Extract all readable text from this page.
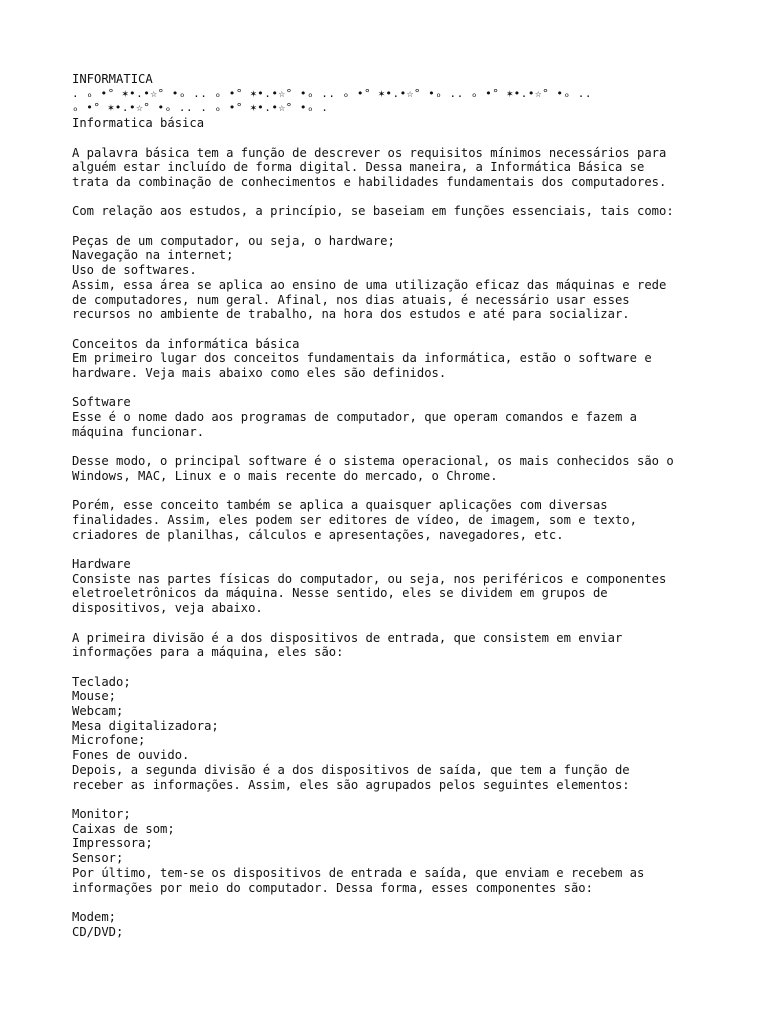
INFORMATICA
. ₒ •° ✶•.•☆° •ₒ .. ₒ •° ✶•.•☆° •ₒ .. ₒ •° ✶•.•☆° •ₒ .. ₒ •° ✶•.•☆° •ₒ ..
ₒ •° ✶•.•☆° •ₒ .. . ₒ •° ✶•.•☆° •ₒ .
Informatica básica
A palavra básica tem a função de descrever os requisitos mínimos necessários para
alguém estar incluído de forma digital. Dessa maneira, a Informática Básica se
trata da combinação de conhecimentos e habilidades fundamentais dos computadores.
Com relação aos estudos, a princípio, se baseiam em funções essenciais, tais como:
Peças de um computador, ou seja, o hardware;
Navegação na internet;
Uso de softwares.
Assim, essa área se aplica ao ensino de uma utilização eficaz das máquinas e rede
de computadores, num geral. Afinal, nos dias atuais, é necessário usar esses
recursos no ambiente de trabalho, na hora dos estudos e até para socializar.
Conceitos da informática básica
Em primeiro lugar dos conceitos fundamentais da informática, estão o software e
hardware. Veja mais abaixo como eles são definidos.
Software
Esse é o nome dado aos programas de computador, que operam comandos e fazem a
máquina funcionar.
Desse modo, o principal software é o sistema operacional, os mais conhecidos são o
Windows, MAC, Linux e o mais recente do mercado, o Chrome.
Porém, esse conceito também se aplica a quaisquer aplicações com diversas
finalidades. Assim, eles podem ser editores de vídeo, de imagem, som e texto,
criadores de planilhas, cálculos e apresentações, navegadores, etc.
Hardware
Consiste nas partes físicas do computador, ou seja, nos periféricos e componentes
eletroeletrônicos da máquina. Nesse sentido, eles se dividem em grupos de
dispositivos, veja abaixo.
A primeira divisão é a dos dispositivos de entrada, que consistem em enviar
informações para a máquina, eles são:
Teclado;
Mouse;
Webcam;
Mesa digitalizadora;
Microfone;
Fones de ouvido.
Depois, a segunda divisão é a dos dispositivos de saída, que tem a função de
receber as informações. Assim, eles são agrupados pelos seguintes elementos:
Monitor;
Caixas de som;
Impressora;
Sensor;
Por último, tem-se os dispositivos de entrada e saída, que enviam e recebem as
informações por meio do computador. Dessa forma, esses componentes são:
Modem;
CD/DVD;
